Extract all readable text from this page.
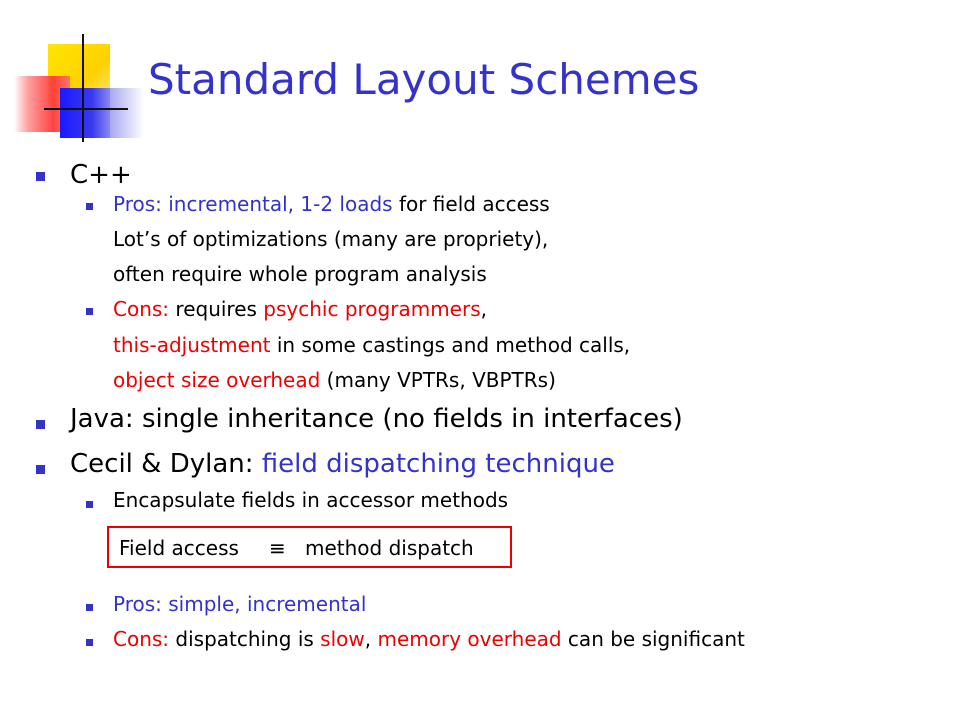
Standard Layout Schemes
C++
Pros: incremental, 1-2 loads for field access
Lot’s of optimizations (many are propriety),
often require whole program analysis
Cons: requires psychic programmers,
this-adjustment in some castings and method calls,
object size overhead (many VPTRs, VBPTRs)
Java: single inheritance (no fields in interfaces)
Cecil & Dylan: field dispatching technique
Encapsulate fields in accessor methods
Field access ≡ method dispatch
Pros: simple, incremental
Cons: dispatching is slow, memory overhead can be significant
